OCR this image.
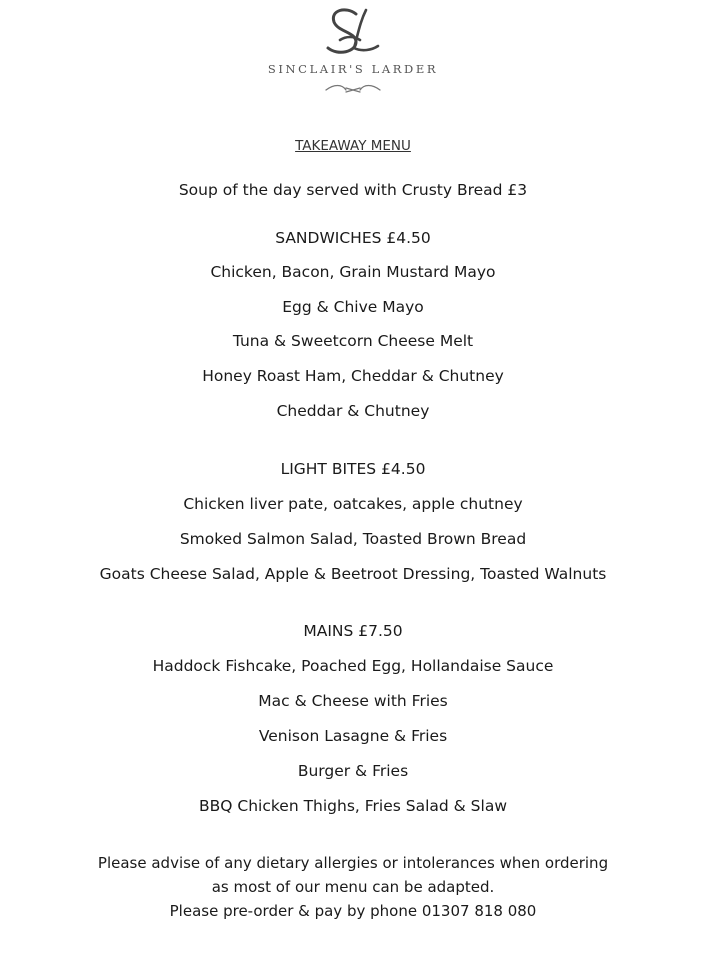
SINCLAIR'S LARDER
TAKEAWAY MENU
Soup of the day served with Crusty Bread £3
SANDWICHES £4.50
Chicken, Bacon, Grain Mustard Mayo
Egg & Chive Mayo
Tuna & Sweetcorn Cheese Melt
Honey Roast Ham, Cheddar & Chutney
Cheddar & Chutney
LIGHT BITES £4.50
Chicken liver pate, oatcakes, apple chutney
Smoked Salmon Salad, Toasted Brown Bread
Goats Cheese Salad, Apple & Beetroot Dressing, Toasted Walnuts
MAINS £7.50
Haddock Fishcake, Poached Egg, Hollandaise Sauce
Mac & Cheese with Fries
Venison Lasagne & Fries
Burger & Fries
BBQ Chicken Thighs, Fries Salad & Slaw
Please advise of any dietary allergies or intolerances when ordering
as most of our menu can be adapted.
Please pre-order & pay by phone 01307 818 080
